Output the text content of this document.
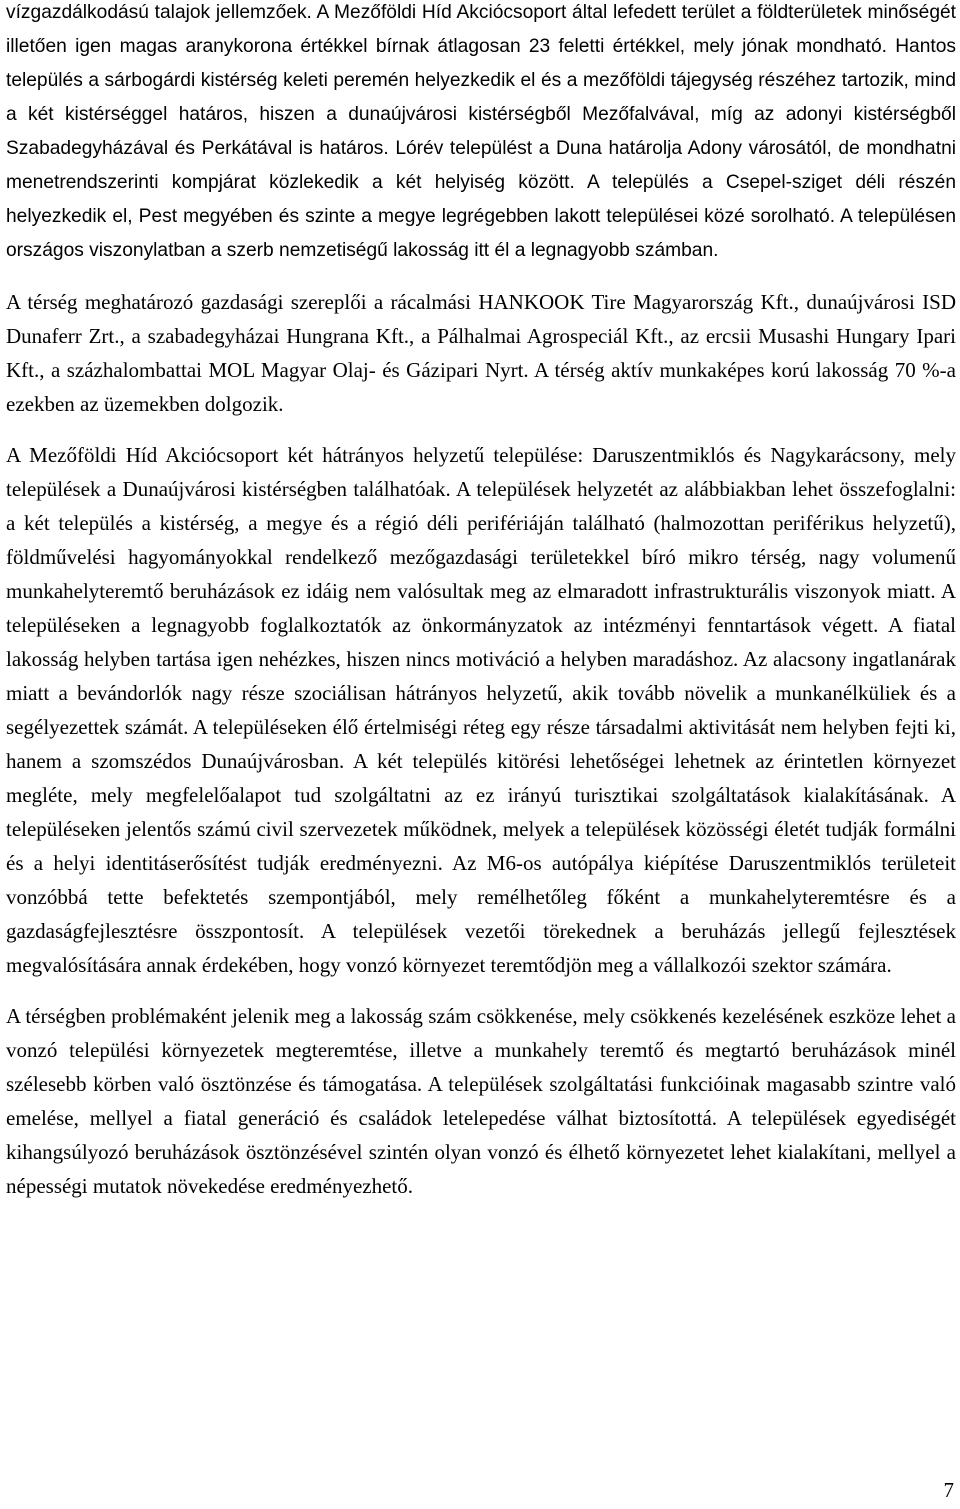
vízgazdálkodású talajok jellemzőek. A Mezőföldi Híd Akciócsoport által lefedett terület a földterületek minőségét illetően igen magas aranykorona értékkel bírnak átlagosan 23 feletti értékkel, mely jónak mondható. Hantos település a sárbogárdi kistérség keleti peremén helyezkedik el és a mezőföldi tájegység részéhez tartozik, mind a két kistérséggel határos, hiszen a dunaújvárosi kistérségből Mezőfalvával, míg az adonyi kistérségből Szabadegyházával és Perkátával is határos. Lórév települést a Duna határolja Adony városától, de mondhatni menetrendszerinti kompjárat közlekedik a két helyiség között. A település a Csepel-sziget déli részén helyezkedik el, Pest megyében és szinte a megye legrégebben lakott települései közé sorolható. A településen országos viszonylatban a szerb nemzetiségű lakosság itt él a legnagyobb számban.

A térség meghatározó gazdasági szereplői a rácalmási HANKOOK Tire Magyarország Kft., dunaújvárosi ISD Dunaferr Zrt., a szabadegyházai Hungrana Kft., a Pálhalmai Agrospeciál Kft., az ercsii Musashi Hungary Ipari Kft., a százhalombattai MOL Magyar Olaj- és Gázipari Nyrt. A térség aktív munkaképes korú lakosság 70 %-a ezekben az üzemekben dolgozik.

A Mezőföldi Híd Akciócsoport két hátrányos helyzetű települése: Daruszentmiklós és Nagykarácsony, mely települések a Dunaújvárosi kistérségben találhatóak. A települések helyzetét az alábbiakban lehet összefoglalni: a két település a kistérség, a megye és a régió déli perifériáján található (halmozottan periférikus helyzetű), földművelési hagyományokkal rendelkező mezőgazdasági területekkel bíró mikro térség, nagy volumenű munkahelyteremtő beruházások ez idáig nem valósultak meg az elmaradott infrastrukturális viszonyok miatt. A településeken a legnagyobb foglalkoztatók az önkormányzatok az intézményi fenntartások végett. A fiatal lakosság helyben tartása igen nehézkes, hiszen nincs motiváció a helyben maradáshoz. Az alacsony ingatlanárak miatt a bevándorlók nagy része szociálisan hátrányos helyzetű, akik tovább növelik a munkanélküliek és a segélyezettek számát. A településeken élő értelmiségi réteg egy része társadalmi aktivitását nem helyben fejti ki, hanem a szomszédos Dunaújvárosban. A két település kitörési lehetőségei lehetnek az érintetlen környezet megléte, mely megfelelőalapot tud szolgáltatni az ez irányú turisztikai szolgáltatások kialakításának. A településeken jelentős számú civil szervezetek működnek, melyek a települések közösségi életét tudják formálni és a helyi identitáserősítést tudják eredményezni. Az M6-os autópálya kiépítése Daruszentmiklós területeit vonzóbbá tette befektetés szempontjából, mely remélhetőleg főként a munkahelyteremtésre és a gazdaságfejlesztésre összpontosít. A települések vezetői törekednek a beruházás jellegű fejlesztések megvalósítására annak érdekében, hogy vonzó környezet teremtődjön meg a vállalkozói szektor számára.

A térségben problémaként jelenik meg a lakosság szám csökkenése, mely csökkenés kezelésének eszköze lehet a vonzó települési környezetek megteremtése, illetve a munkahely teremtő és megtartó beruházások minél szélesebb körben való ösztönzése és támogatása. A települések szolgáltatási funkcióinak magasabb szintre való emelése, mellyel a fiatal generáció és családok letelepedése válhat biztosítottá. A települések egyediségét kihangsúlyozó beruházások ösztönzésével szintén olyan vonzó és élhető környezetet lehet kialakítani, mellyel a népességi mutatok növekedése eredményezhető.

7
